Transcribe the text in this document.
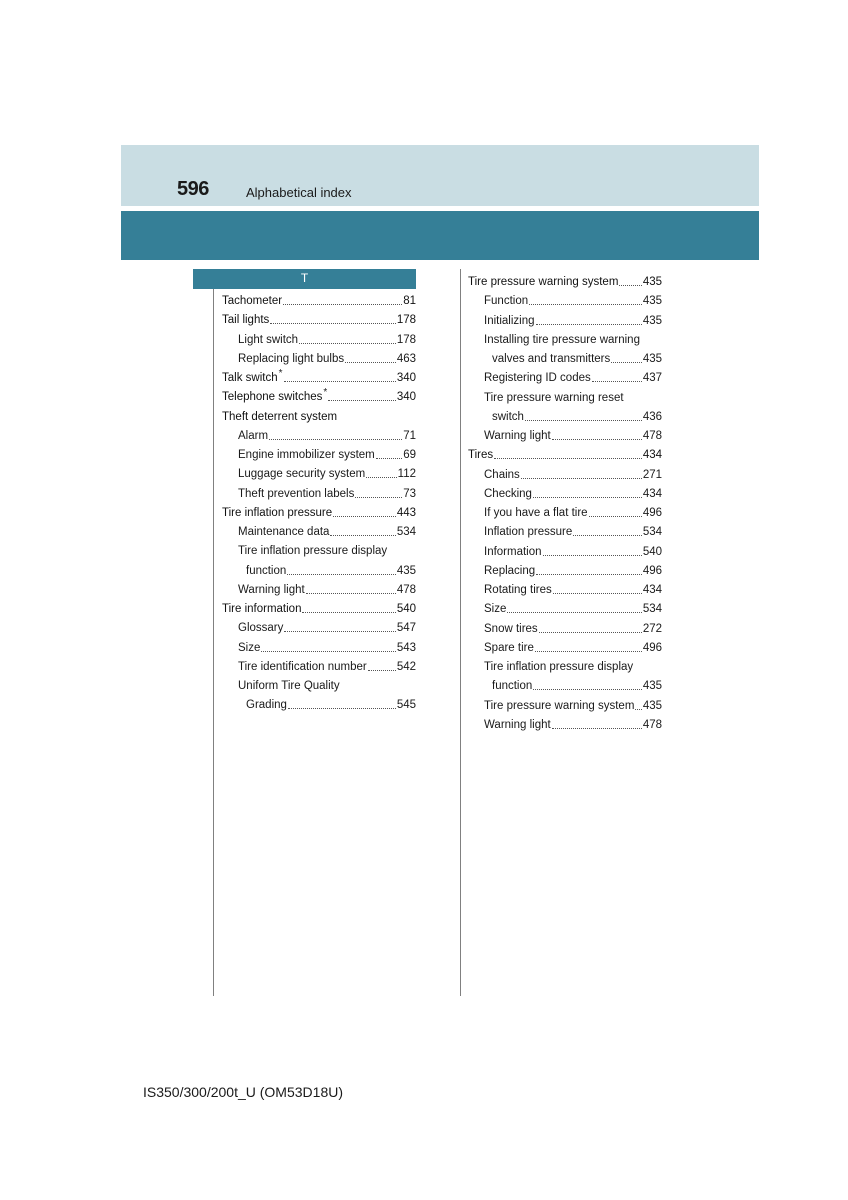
596	Alphabetical index
T
Tachometer	81
Tail lights	178
Light switch	178
Replacing light bulbs	463
Talk switch *	340
Telephone switches *	340
Theft deterrent system
Alarm	71
Engine immobilizer system 69
Luggage security system	112
Theft prevention labels	73
Tire inflation pressure	443
Maintenance data	534
Tire inflation pressure display
function	435
Warning light	478
Tire information	540
Glossary	547
Size	543
Tire identification number	542
Uniform Tire Quality
Grading	545
Tire pressure warning system 435
Function	435
Initializing	435
Installing tire pressure warning
valves and transmitters	435
Registering ID codes	437
Tire pressure warning reset
switch	436
Warning light	478
Tires	434
Chains	271
Checking	434
If you have a flat tire	496
Inflation pressure	534
Information	540
Replacing	496
Rotating tires	434
Size	534
Snow tires	272
Spare tire	496
Tire inflation pressure display
function	435
Tire pressure warning system 435
Warning light	478
IS350/300/200t_U (OM53D18U)
